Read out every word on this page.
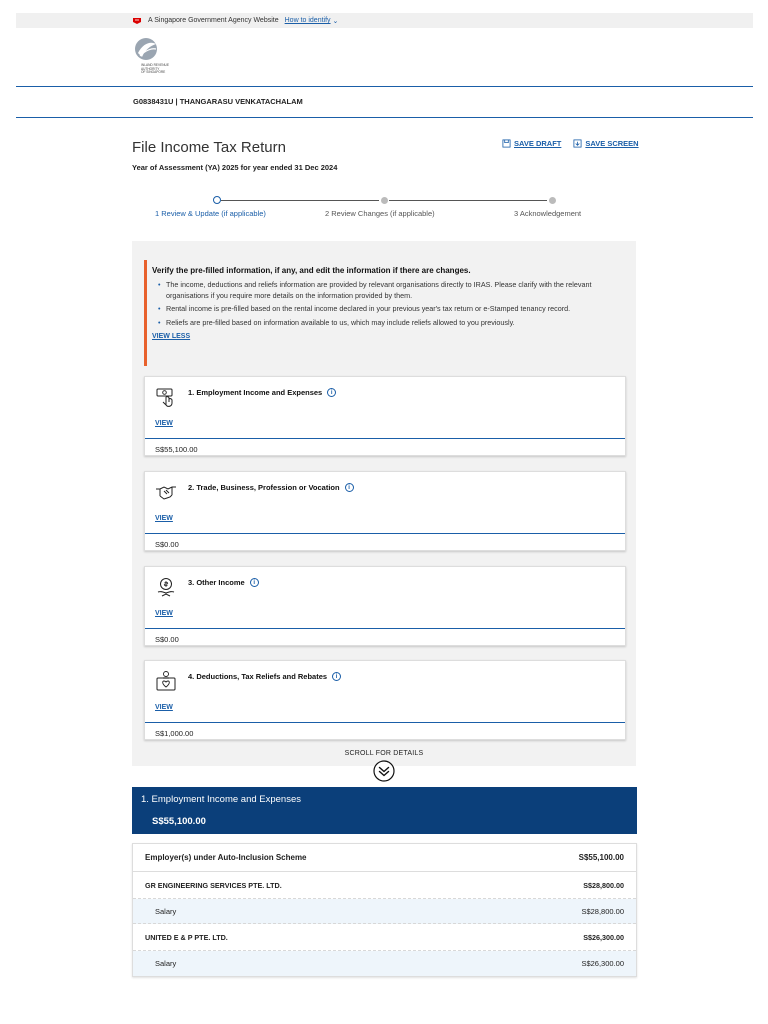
A Singapore Government Agency Website How to identify ⌄
INLAND REVENUE
AUTHORITY
OF SINGAPORE
G0838431U | THANGARASU VENKATACHALAM
File Income Tax Return
Year of Assessment (YA) 2025 for year ended 31 Dec 2024
SAVE DRAFT	SAVE SCREEN
1 Review & Update (if applicable)	2 Review Changes (if applicable)	3 Acknowledgement
Verify the pre-filled information, if any, and edit the information if there are changes.
• The income, deductions and reliefs information are provided by relevant organisations directly to IRAS. Please clarify with the relevant organisations if you require more details on the information provided by them.
• Rental income is pre-filled based on the rental income declared in your previous year's tax return or e-Stamped tenancy record.
• Reliefs are pre-filled based on information available to us, which may include reliefs allowed to you previously.
VIEW LESS
1. Employment Income and Expenses	i
VIEW
S$55,100.00
2. Trade, Business, Profession or Vocation	i
VIEW
S$0.00
3. Other Income	i
VIEW
S$0.00
4. Deductions, Tax Reliefs and Rebates	i
VIEW
S$1,000.00
SCROLL FOR DETAILS
1. Employment Income and Expenses
S$55,100.00
Employer(s) under Auto-Inclusion Scheme	S$55,100.00
GR ENGINEERING SERVICES PTE. LTD.	S$28,800.00
Salary	S$28,800.00
UNITED E & P PTE. LTD.	S$26,300.00
Salary	S$26,300.00
